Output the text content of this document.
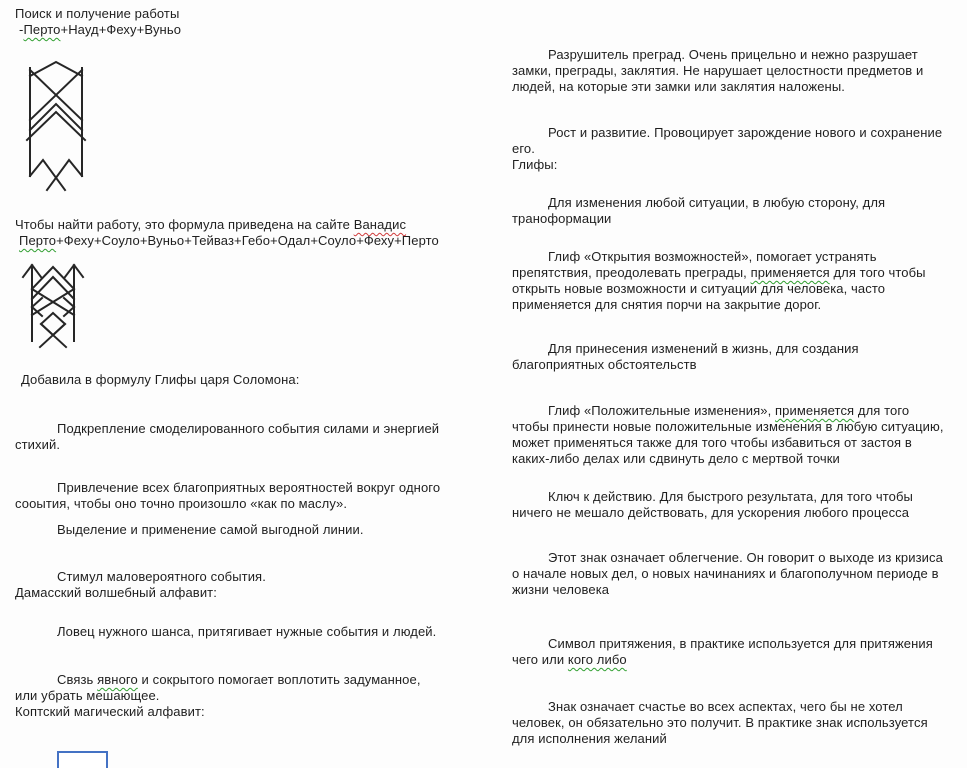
Поиск и получение работы

-Перто+Науд+Феху+Вуньо

Чтобы найти работу, это формула приведена на сайте Ванадис
Перто+Феху+Соуло+Вуньо+Тейваз+Гебо+Одал+Соуло+Феху+Перто

Добавила в формулу Глифы царя Соломона:

Подкрепление смоделированного события силами и энергией стихий.

Привлечение всех благоприятных вероятностей вокруг одного сооытия, чтобы оно точно произошло «как по маслу».

Выделение и применение самой выгодной линии.

Стимул маловероятного события.

Дамасский волшебный алфавит:

Ловец нужного шанса, притягивает нужные события и людей.

Связь явного и сокрытого помогает воплотить задуманное, или убрать мешающее.

Коптский магический алфавит:

Разрушитель преград. Очень прицельно и нежно разрушает замки, преграды, заклятия. Не нарушает целостности предметов и людей, на которые эти замки или заклятия наложены.

Рост и развитие. Провоцирует зарождение нового и сохранение его.

Глифы:

Для изменения любой ситуации, в любую сторону, для траноформации

Глиф «Открытия возможностей», помогает устранять препятствия, преодолевать преграды, применяется для того чтобы открыть новые возможности и ситуации для человека, часто применяется для снятия порчи на закрытие дорог.

Для принесения изменений в жизнь, для создания благоприятных обстоятельств

Глиф «Положительные изменения», применяется для того чтобы принести новые положительные изменения в любую ситуацию, может применяться также для того чтобы избавиться от застоя в каких-либо делах или сдвинуть дело с мертвой точки

Ключ к действию. Для быстрого результата, для того чтобы ничего не мешало действовать, для ускорения любого процесса

Этот знак означает облегчение. Он говорит о выходе из кризиса о начале новых дел, о новых начинаниях и благополучном периоде в жизни человека

Символ притяжения, в практике используется для притяжения чего или кого либо

Знак означает счастье во всех аспектах, чего бы не хотел человек, он обязательно это получит. В практике знак используется для исполнения желаний
